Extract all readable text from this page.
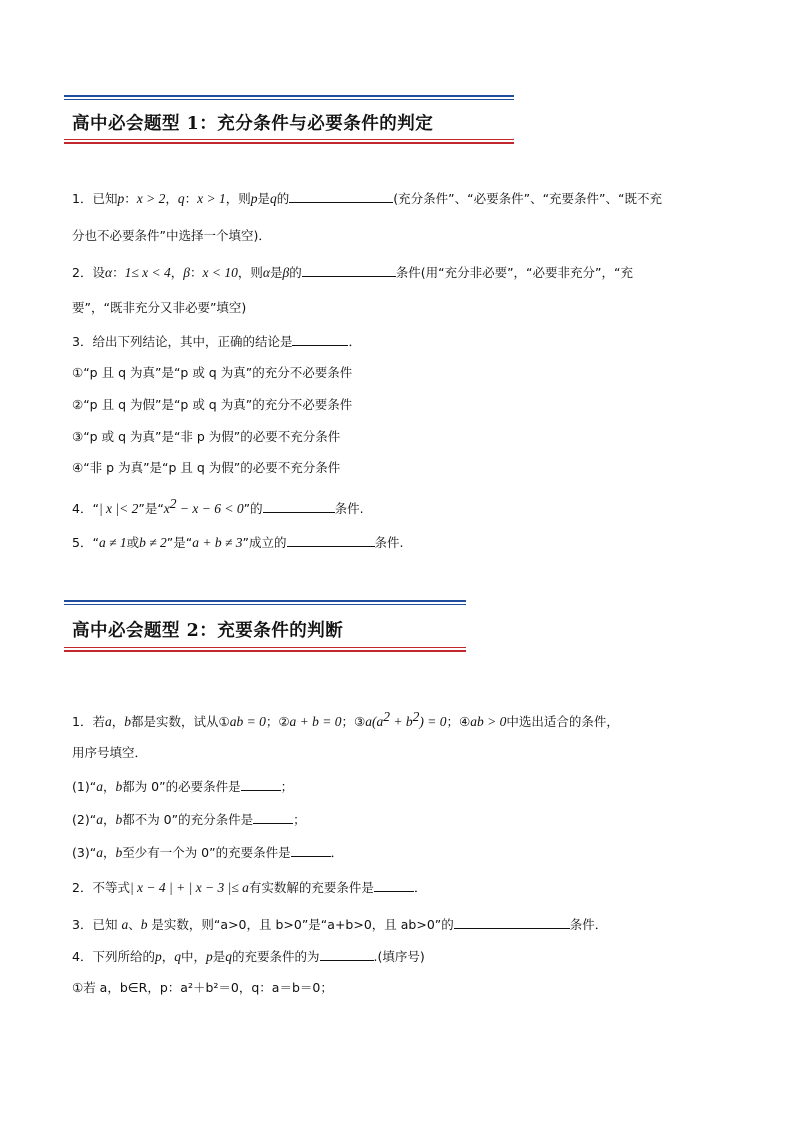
高中必会题型 1：充分条件与必要条件的判定
1．已知p：x > 2，q：x > 1，则p是q的	(充分条件”、“必要条件”、“充要条件”、“既不充
分也不必要条件”中选择一个填空)．
2．设α：1≤ x < 4，β：x < 10，则α是β的	条件(用“充分非必要”，“必要非充分”，“充
要”，“既非充分又非必要”填空)
3．给出下列结论，其中，正确的结论是	．
①“p 且 q 为真”是“p 或 q 为真”的充分不必要条件
②“p 且 q 为假”是“p 或 q 为真”的充分不必要条件
③“p 或 q 为真”是“非 p 为假”的必要不充分条件
④“非 p 为真”是“p 且 q 为假”的必要不充分条件
4．“| x |< 2”是“$x^2 - x - 6 < 0$”的	条件.
5．“a ≠ 1或b ≠ 2”是“a + b ≠ 3”成立的	条件.
高中必会题型 2：充要条件的判断
1．若a，b都是实数，试从①ab = 0；②a + b = 0；$③a(a^2 + b^2) = 0$；④ab > 0中选出适合的条件，
用序号填空．
(1)“a，b都为 0”的必要条件是	；
(2)“a，b都不为 0”的充分条件是	；
(3)“a，b至少有一个为 0”的充要条件是	．
2．不等式| x − 4 | + | x − 3 |≤ a有实数解的充要条件是	．
3．已知 a、b 是实数，则“a>0，且 b>0”是“a+b>0，且 ab>0”的	条件．
4．下列所给的p，q中，p是q的充要条件的为	.(填序号)
①若 a，b∈R，p：a²＋b²＝0，q：a＝b＝0；
